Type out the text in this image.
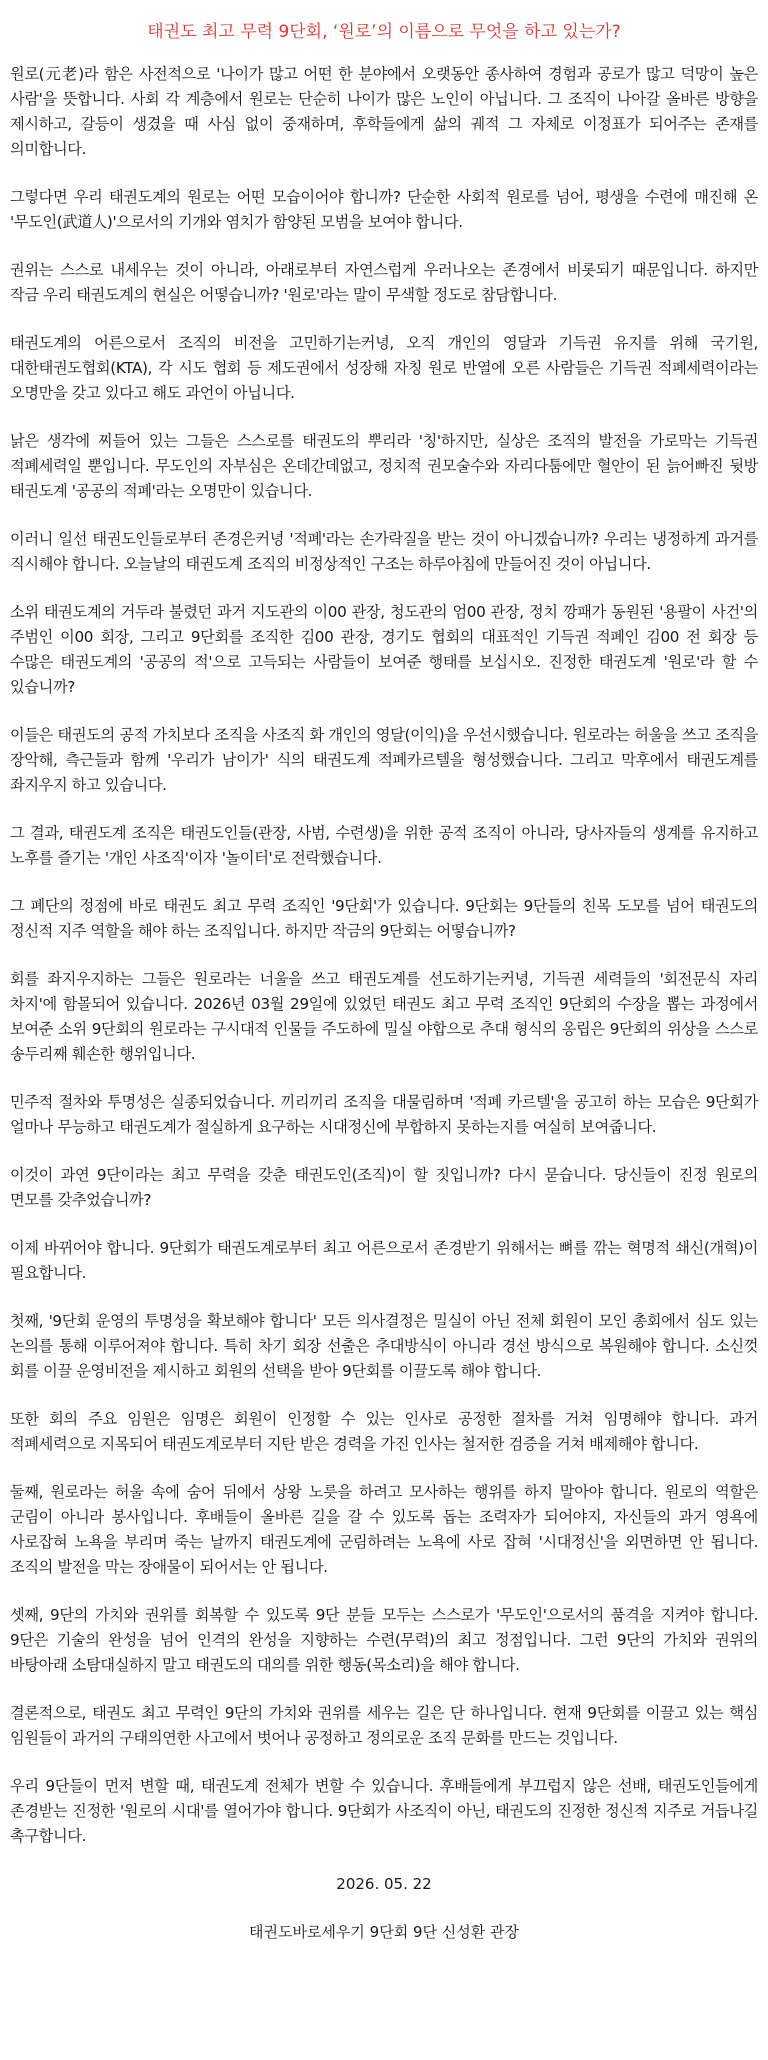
태권도 최고 무력 9단회, ‘원로’의 이름으로 무엇을 하고 있는가?

원로(元老)라 함은 사전적으로 '나이가 많고 어떤 한 분야에서 오랫동안 종사하여 경험과 공로가 많고 덕망이 높은 사람'을 뜻합니다. 사회 각 계층에서 원로는 단순히 나이가 많은 노인이 아닙니다. 그 조직이 나아갈 올바른 방향을 제시하고, 갈등이 생겼을 때 사심 없이 중재하며, 후학들에게 삶의 궤적 그 자체로 이정표가 되어주는 존재를 의미합니다.

그렇다면 우리 태권도계의 원로는 어떤 모습이어야 합니까? 단순한 사회적 원로를 넘어, 평생을 수련에 매진해 온 '무도인(武道人)'으로서의 기개와 염치가 함양된 모범을 보여야 합니다.

권위는 스스로 내세우는 것이 아니라, 아래로부터 자연스럽게 우러나오는 존경에서 비롯되기 때문입니다. 하지만 작금 우리 태권도계의 현실은 어떻습니까? '원로'라는 말이 무색할 정도로 참담합니다.

태권도계의 어른으로서 조직의 비전을 고민하기는커녕, 오직 개인의 영달과 기득권 유지를 위해 국기원, 대한태권도협회(KTA), 각 시도 협회 등 제도권에서 성장해 자칭 원로 반열에 오른 사람들은 기득권 적폐세력이라는 오명만을 갖고 있다고 해도 과언이 아닙니다.

낡은 생각에 찌들어 있는 그들은 스스로를 태권도의 뿌리라 '칭'하지만, 실상은 조직의 발전을 가로막는 기득권 적폐세력일 뿐입니다. 무도인의 자부심은 온데간데없고, 정치적 권모술수와 자리다툼에만 혈안이 된 늙어빠진 뒷방 태권도계 '공공의 적폐'라는 오명만이 있습니다.

이러니 일선 태권도인들로부터 존경은커녕 '적폐'라는 손가락질을 받는 것이 아니겠습니까? 우리는 냉정하게 과거를 직시해야 합니다. 오늘날의 태권도계 조직의 비정상적인 구조는 하루아침에 만들어진 것이 아닙니다.

소위 태권도계의 거두라 불렸던 과거 지도관의 이00 관장, 청도관의 엄00 관장, 정치 깡패가 동원된 '용팔이 사건'의 주범인 이00 회장, 그리고 9단회를 조직한 김00 관장, 경기도 협회의 대표적인 기득권 적폐인 김00 전 회장 등 수많은 태권도계의 '공공의 적'으로 고득되는 사람들이 보여준 행태를 보십시오. 진정한 태권도계 '원로'라 할 수 있습니까?

이들은 태권도의 공적 가치보다 조직을 사조직 화 개인의 영달(이익)을 우선시했습니다. 원로라는 허울을 쓰고 조직을 장악해, 측근들과 함께 '우리가 남이가' 식의 태권도계 적폐카르텔을 형성했습니다. 그리고 막후에서 태권도계를 좌지우지 하고 있습니다.

그 결과, 태권도계 조직은 태권도인들(관장, 사범, 수련생)을 위한 공적 조직이 아니라, 당사자들의 생계를 유지하고 노후를 즐기는 '개인 사조직'이자 '놀이터'로 전락했습니다.

그 폐단의 정점에 바로 태권도 최고 무력 조직인 '9단회'가 있습니다. 9단회는 9단들의 친목 도모를 넘어 태권도의 정신적 지주 역할을 해야 하는 조직입니다. 하지만 작금의 9단회는 어떻습니까?

회를 좌지우지하는 그들은 원로라는 너울을 쓰고 태권도계를 선도하기는커녕, 기득권 세력들의 '회전문식 자리 차지'에 함몰되어 있습니다. 2026년 03월 29일에 있었던 태권도 최고 무력 조직인 9단회의 수장을 뽑는 과정에서 보여준 소위 9단회의 원로라는 구시대적 인물들 주도하에 밀실 야합으로 추대 형식의 옹립은 9단회의 위상을 스스로 송두리째 훼손한 행위입니다.

민주적 절차와 투명성은 실종되었습니다. 끼리끼리 조직을 대물림하며 '적폐 카르텔'을 공고히 하는 모습은 9단회가 얼마나 무능하고 태권도계가 절실하게 요구하는 시대정신에 부합하지 못하는지를 여실히 보여줍니다.

이것이 과연 9단이라는 최고 무력을 갖춘 태권도인(조직)이 할 짓입니까? 다시 묻습니다. 당신들이 진정 원로의 면모를 갖추었습니까?

이제 바뀌어야 합니다. 9단회가 태권도계로부터 최고 어른으로서 존경받기 위해서는 뼈를 깎는 혁명적 쇄신(개혁)이 필요합니다.

첫째, '9단회 운영의 투명성을 확보해야 합니다' 모든 의사결정은 밀실이 아닌 전체 회원이 모인 총회에서 심도 있는 논의를 통해 이루어져야 합니다. 특히 차기 회장 선출은 추대방식이 아니라 경선 방식으로 복원해야 합니다. 소신껏 회를 이끌 운영비전을 제시하고 회원의 선택을 받아 9단회를 이끌도록 해야 합니다.

또한 회의 주요 임원은 임명은 회원이 인정할 수 있는 인사로 공정한 절차를 거쳐 임명해야 합니다. 과거 적폐세력으로 지목되어 태권도계로부터 지탄 받은 경력을 가진 인사는 철저한 검증을 거쳐 배제해야 합니다.

둘째, 원로라는 허울 속에 숨어 뒤에서 상왕 노릇을 하려고 모사하는 행위를 하지 말아야 합니다. 원로의 역할은 군림이 아니라 봉사입니다. 후배들이 올바른 길을 갈 수 있도록 돕는 조력자가 되어야지, 자신들의 과거 영욕에 사로잡혀 노욕을 부리며 죽는 날까지 태권도계에 군림하려는 노욕에 사로 잡혀 '시대정신'을 외면하면 안 됩니다. 조직의 발전을 막는 장애물이 되어서는 안 됩니다.

셋째, 9단의 가치와 권위를 회복할 수 있도록 9단 분들 모두는 스스로가 '무도인'으로서의 품격을 지켜야 합니다. 9단은 기술의 완성을 넘어 인격의 완성을 지향하는 수련(무력)의 최고 정점입니다. 그런 9단의 가치와 권위의 바탕아래 소탐대실하지 말고 태권도의 대의를 위한 행동(목소리)을 해야 합니다.

결론적으로, 태권도 최고 무력인 9단의 가치와 권위를 세우는 길은 단 하나입니다. 현재 9단회를 이끌고 있는 핵심 임원들이 과거의 구태의연한 사고에서 벗어나 공정하고 정의로운 조직 문화를 만드는 것입니다.

우리 9단들이 먼저 변할 때, 태권도계 전체가 변할 수 있습니다. 후배들에게 부끄럽지 않은 선배, 태권도인들에게 존경받는 진정한 '원로의 시대'를 열어가야 합니다. 9단회가 사조직이 아닌, 태권도의 진정한 정신적 지주로 거듭나길 촉구합니다.

2026. 05. 22
태권도바로세우기 9단회 9단 신성환 관장
